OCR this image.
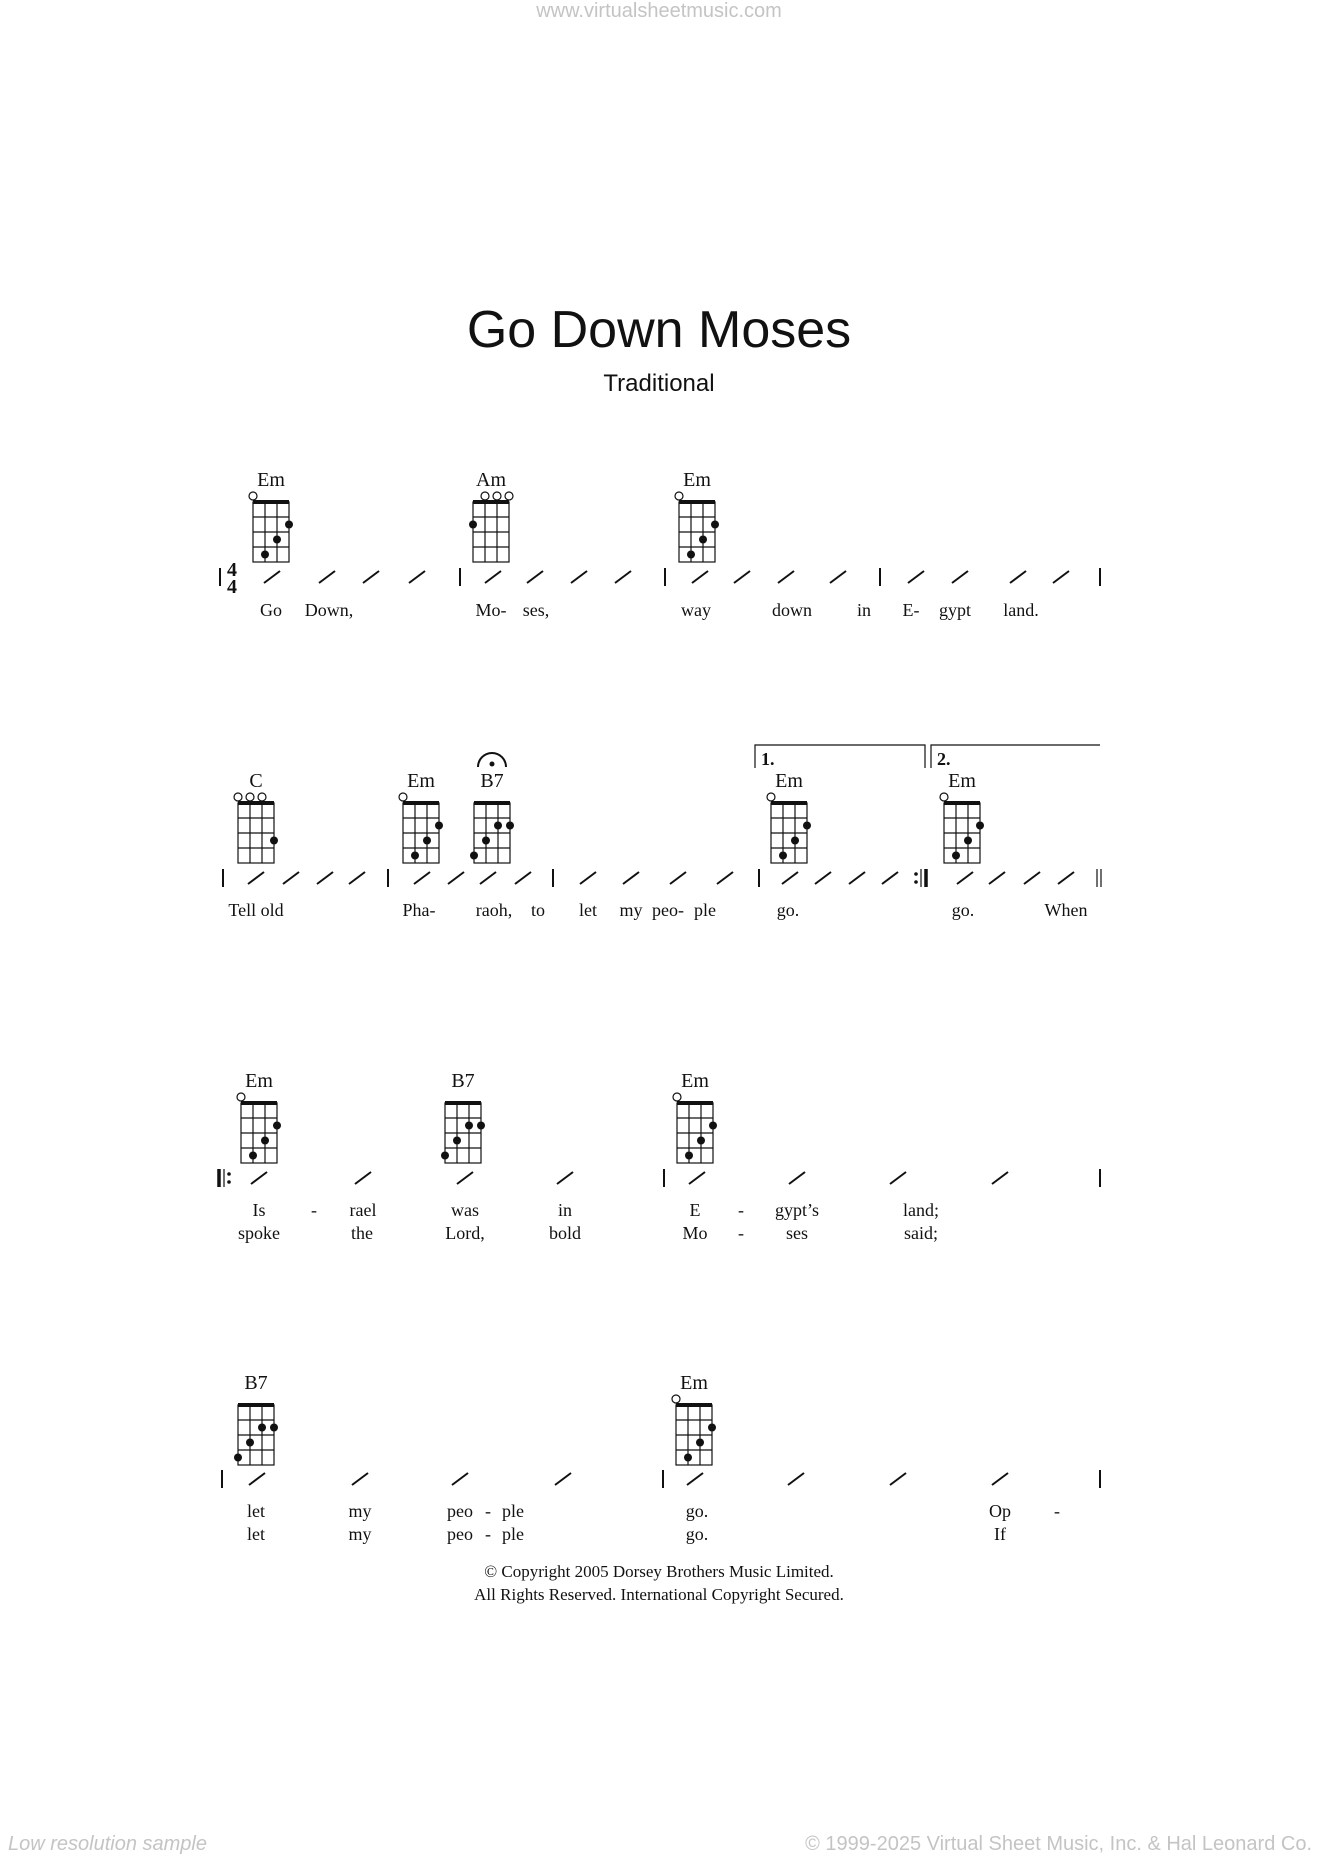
www.virtualsheetmusic.com
Go Down Moses
Traditional
4
4
Em	Am	Em
Go Down,	Mo- ses,	way	down in E- gypt land.
C	Em B7	Em	Em
1.	2.
Tell old	Pha- raoh, to let my peo- ple	go.	go.	When
Em	B7	Em
Is	- rael	was	in	E - gypt’s	land;
spoke	the	Lord,	bold	Mo - ses	said;
B7	Em
let	my	peo - ple	go.	Op -
let	my	peo - ple	go.	If
© Copyright 2005 Dorsey Brothers Music Limited.
All Rights Reserved. International Copyright Secured.
Low resolution sample	© 1999-2025 Virtual Sheet Music, Inc. & Hal Leonard Co.
